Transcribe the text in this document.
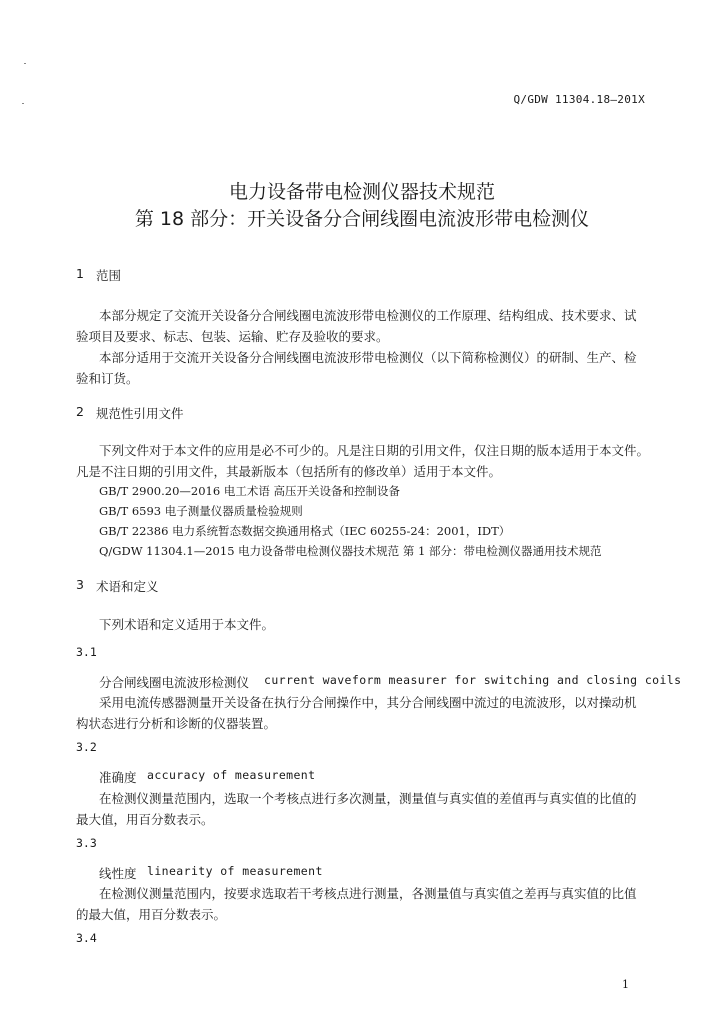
Q/GDW 11304.18—201X
电力设备带电检测仪器技术规范
第 18 部分：开关设备分合闸线圈电流波形带电检测仪
1 范围
本部分规定了交流开关设备分合闸线圈电流波形带电检测仪的工作原理、结构组成、技术要求、试
验项目及要求、标志、包装、运输、贮存及验收的要求。
本部分适用于交流开关设备分合闸线圈电流波形带电检测仪（以下简称检测仪）的研制、生产、检
验和订货。
2 规范性引用文件
下列文件对于本文件的应用是必不可少的。凡是注日期的引用文件，仅注日期的版本适用于本文件。
凡是不注日期的引用文件，其最新版本（包括所有的修改单）适用于本文件。
GB/T 2900.20—2016 电工术语 高压开关设备和控制设备
GB/T 6593 电子测量仪器质量检验规则
GB/T 22386 电力系统暂态数据交换通用格式（IEC 60255-24：2001，IDT）
Q/GDW 11304.1—2015 电力设备带电检测仪器技术规范 第 1 部分：带电检测仪器通用技术规范
3 术语和定义
下列术语和定义适用于本文件。
3.1
分合闸线圈电流波形检测仪 current waveform measurer for switching and closing coils
采用电流传感器测量开关设备在执行分合闸操作中，其分合闸线圈中流过的电流波形，以对操动机
构状态进行分析和诊断的仪器装置。
3.2
准确度 accuracy of measurement
在检测仪测量范围内，选取一个考核点进行多次测量，测量值与真实值的差值再与真实值的比值的
最大值，用百分数表示。
3.3
线性度 linearity of measurement
在检测仪测量范围内，按要求选取若干考核点进行测量，各测量值与真实值之差再与真实值的比值
的最大值，用百分数表示。
3.4
1
